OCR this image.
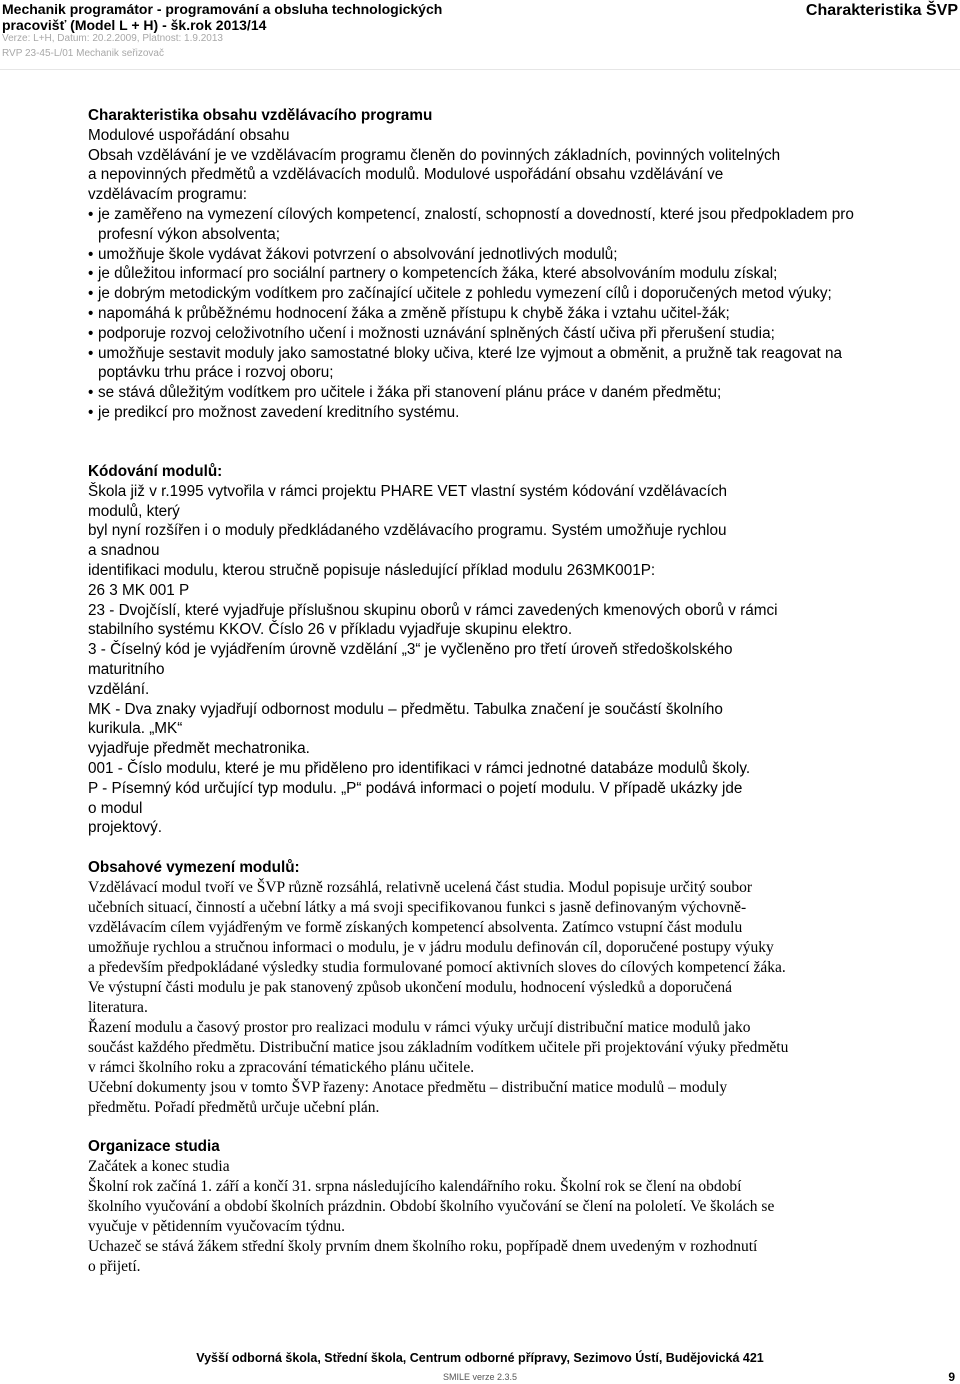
Mechanik programátor - programování a obsluha technologických
pracovišť (Model L + H) - šk.rok 2013/14
Verze: L+H, Datum: 20.2.2009, Platnost: 1.9.2013
RVP 23-45-L/01 Mechanik seřizovač
Charakteristika ŠVP

Charakteristika obsahu vzdělávacího programu

Modulové uspořádání obsahu

Obsah vzdělávání je ve vzdělávacím programu členěn do povinných základních, povinných volitelných

a nepovinných předmětů a vzdělávacích modulů. Modulové uspořádání obsahu vzdělávání ve

vzdělávacím programu:

• je zaměřeno na vymezení cílových kompetencí, znalostí, schopností a dovedností, které jsou předpokladem pro profesní výkon absolventa;
• umožňuje škole vydávat žákovi potvrzení o absolvování jednotlivých modulů;
• je důležitou informací pro sociální partnery o kompetencích žáka, které absolvováním modulu získal;
• je dobrým metodickým vodítkem pro začínající učitele z pohledu vymezení cílů i doporučených metod výuky;
• napomáhá k průběžnému hodnocení žáka a změně přístupu k chybě žáka i vztahu učitel-žák;
• podporuje rozvoj celoživotního učení i možnosti uznávání splněných částí učiva při přerušení studia;
• umožňuje sestavit moduly jako samostatné bloky učiva, které lze vyjmout a obměnit, a pružně tak reagovat na poptávku trhu práce i rozvoj oboru;
• se stává důležitým vodítkem pro učitele i žáka při stanovení plánu práce v daném předmětu;
• je predikcí pro možnost zavedení kreditního systému.

Kódování modulů:

Škola již v r.1995 vytvořila v rámci projektu PHARE VET vlastní systém kódování vzdělávacích

modulů, který

byl nyní rozšířen i o moduly předkládaného vzdělávacího programu. Systém umožňuje rychlou

a snadnou

identifikaci modulu, kterou stručně popisuje následující příklad modulu 263MK001P:

26 3 MK 001 P

23 - Dvojčíslí, které vyjadřuje příslušnou skupinu oborů v rámci zavedených kmenových oborů v rámci

stabilního systému KKOV. Číslo 26 v příkladu vyjadřuje skupinu elektro.

3 - Číselný kód je vyjádřením úrovně vzdělání „3“ je vyčleněno pro třetí úroveň středoškolského

maturitního

vzdělání.

MK - Dva znaky vyjadřují odbornost modulu – předmětu. Tabulka značení je součástí školního

kurikula. „MK“

vyjadřuje předmět mechatronika.

001 - Číslo modulu, které je mu přiděleno pro identifikaci v rámci jednotné databáze modulů školy.

P - Písemný kód určující typ modulu. „P“ podává informaci o pojetí modulu. V případě ukázky jde

o modul

projektový.

Obsahové vymezení modulů:

Vzdělávací modul tvoří ve ŠVP různě rozsáhlá, relativně ucelená část studia. Modul popisuje určitý soubor

učebních situací, činností a učební látky a má svoji specifikovanou funkci s jasně definovaným výchovně-

vzdělávacím cílem vyjádřeným ve formě získaných kompetencí absolventa. Zatímco vstupní část modulu

umožňuje rychlou a stručnou informaci o modulu, je v jádru modulu definován cíl, doporučené postupy výuky

a především předpokládané výsledky studia formulované pomocí aktivních sloves do cílových kompetencí žáka.

Ve výstupní části modulu je pak stanovený způsob ukončení modulu, hodnocení výsledků a doporučená

literatura.

Řazení modulu a časový prostor pro realizaci modulu v rámci výuky určují distribuční matice modulů jako

součást každého předmětu. Distribuční matice jsou základním vodítkem učitele při projektování výuky předmětu

v rámci školního roku a zpracování tématického plánu učitele.

Učební dokumenty jsou v tomto ŠVP řazeny: Anotace předmětu – distribuční matice modulů – moduly

předmětu. Pořadí předmětů určuje učební plán.

Organizace studia

Začátek a konec studia

Školní rok začíná 1. září a končí 31. srpna následujícího kalendářního roku. Školní rok se člení na období

školního vyučování a období školních prázdnin. Období školního vyučování se člení na pololetí. Ve školách se

vyučuje v pětidenním vyučovacím týdnu.

Uchazeč se stává žákem střední školy prvním dnem školního roku, popřípadě dnem uvedeným v rozhodnutí

o přijetí.

Vyšší odborná škola, Střední škola, Centrum odborné přípravy, Sezimovo Ústí, Budějovická 421
SMILE verze 2.3.5	9
